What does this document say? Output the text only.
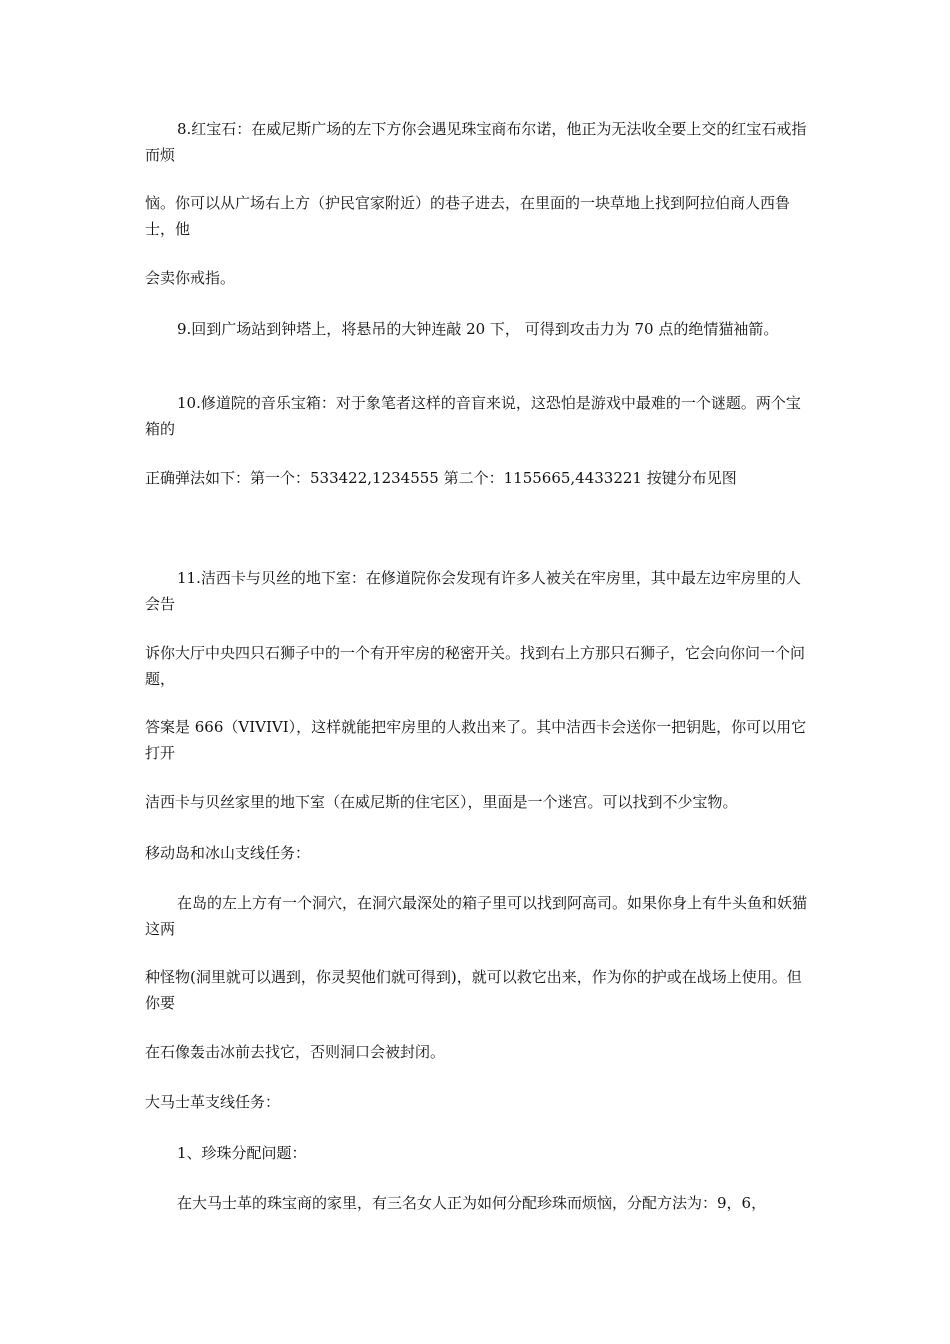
8.红宝石：在威尼斯广场的左下方你会遇见珠宝商布尔诺，他正为无法收全要上交的红宝石戒指而烦

恼。你可以从广场右上方（护民官家附近）的巷子进去，在里面的一块草地上找到阿拉伯商人西鲁士，他

会卖你戒指。

9.回到广场站到钟塔上，将悬吊的大钟连敲 20 下， 可得到攻击力为 70 点的绝情猫袖箭。

10.修道院的音乐宝箱：对于象笔者这样的音盲来说，这恐怕是游戏中最难的一个谜题。两个宝箱的

正确弹法如下：第一个：533422,1234555 第二个：1155665,4433221 按键分布见图

11.洁西卡与贝丝的地下室：在修道院你会发现有许多人被关在牢房里，其中最左边牢房里的人会告

诉你大厅中央四只石狮子中的一个有开牢房的秘密开关。找到右上方那只石狮子，它会向你问一个问题，

答案是 666（VIVIVI），这样就能把牢房里的人救出来了。其中洁西卡会送你一把钥匙，你可以用它打开

洁西卡与贝丝家里的地下室（在威尼斯的住宅区），里面是一个迷宫。可以找到不少宝物。

移动岛和冰山支线任务：

在岛的左上方有一个洞穴，在洞穴最深处的箱子里可以找到阿高司。如果你身上有牛头鱼和妖猫这两

种怪物(洞里就可以遇到，你灵契他们就可得到)，就可以救它出来，作为你的护或在战场上使用。但你要

在石像轰击冰前去找它，否则洞口会被封闭。

大马士革支线任务：

1、珍珠分配问题：

在大马士革的珠宝商的家里，有三名女人正为如何分配珍珠而烦恼，分配方法为：9，6，
